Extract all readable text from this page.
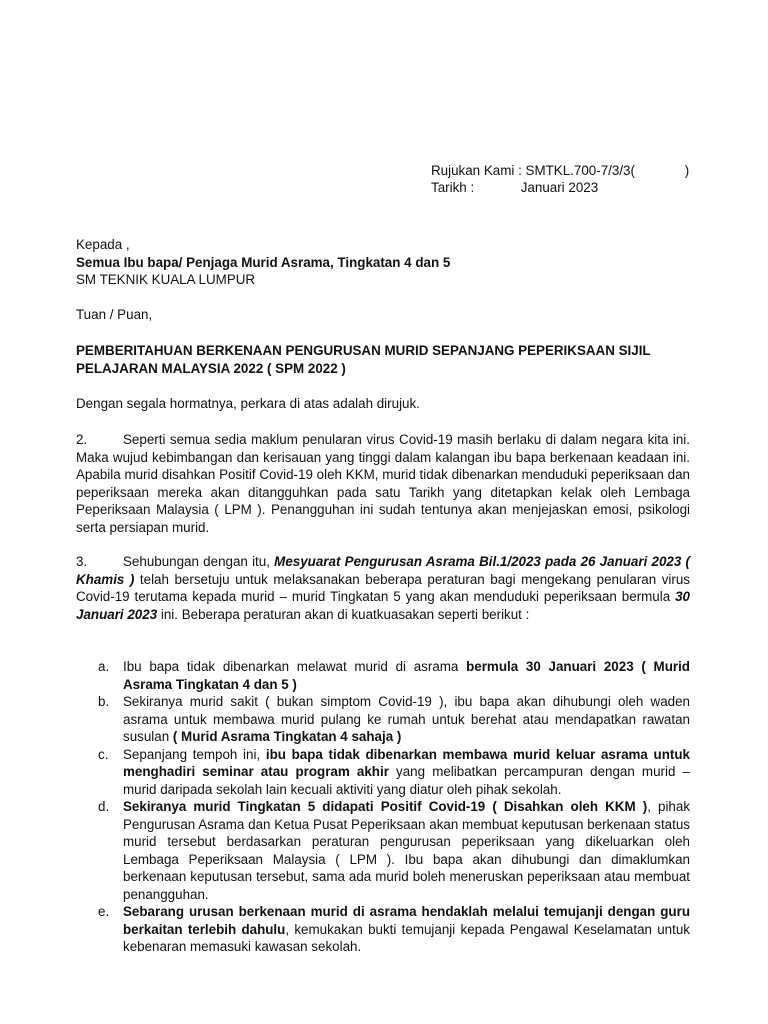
Rujukan Kami : SMTKL.700-7/3/3(	)
Tarikh :	Januari 2023
Kepada ,
Semua Ibu bapa/ Penjaga Murid Asrama, Tingkatan 4 dan 5
SM TEKNIK KUALA LUMPUR
Tuan / Puan,
PEMBERITAHUAN BERKENAAN PENGURUSAN MURID SEPANJANG PEPERIKSAAN SIJIL PELAJARAN MALAYSIA 2022 ( SPM 2022 )
Dengan segala hormatnya, perkara di atas adalah dirujuk.
2.	Seperti semua sedia maklum penularan virus Covid-19 masih berlaku di dalam negara kita ini. Maka wujud kebimbangan dan kerisauan yang tinggi dalam kalangan ibu bapa berkenaan keadaan ini. Apabila murid disahkan Positif Covid-19 oleh KKM, murid tidak dibenarkan menduduki peperiksaan dan peperiksaan mereka akan ditangguhkan pada satu Tarikh yang ditetapkan kelak oleh Lembaga Peperiksaan Malaysia ( LPM ). Penangguhan ini sudah tentunya akan menjejaskan emosi, psikologi serta persiapan murid.
3.	Sehubungan dengan itu, Mesyuarat Pengurusan Asrama Bil.1/2023 pada 26 Januari 2023 ( Khamis ) telah bersetuju untuk melaksanakan beberapa peraturan bagi mengekang penularan virus Covid-19 terutama kepada murid – murid Tingkatan 5 yang akan menduduki peperiksaan bermula 30 Januari 2023 ini. Beberapa peraturan akan di kuatkuasakan seperti berikut :
a. Ibu bapa tidak dibenarkan melawat murid di asrama bermula 30 Januari 2023 ( Murid Asrama Tingkatan 4 dan 5 )
b. Sekiranya murid sakit ( bukan simptom Covid-19 ), ibu bapa akan dihubungi oleh waden asrama untuk membawa murid pulang ke rumah untuk berehat atau mendapatkan rawatan susulan ( Murid Asrama Tingkatan 4 sahaja )
c. Sepanjang tempoh ini, ibu bapa tidak dibenarkan membawa murid keluar asrama untuk menghadiri seminar atau program akhir yang melibatkan percampuran dengan murid – murid daripada sekolah lain kecuali aktiviti yang diatur oleh pihak sekolah.
d. Sekiranya murid Tingkatan 5 didapati Positif Covid-19 ( Disahkan oleh KKM ), pihak Pengurusan Asrama dan Ketua Pusat Peperiksaan akan membuat keputusan berkenaan status murid tersebut berdasarkan peraturan pengurusan peperiksaan yang dikeluarkan oleh Lembaga Peperiksaan Malaysia ( LPM ). Ibu bapa akan dihubungi dan dimaklumkan berkenaan keputusan tersebut, sama ada murid boleh meneruskan peperiksaan atau membuat penangguhan.
e. Sebarang urusan berkenaan murid di asrama hendaklah melalui temujanji dengan guru berkaitan terlebih dahulu, kemukakan bukti temujanji kepada Pengawal Keselamatan untuk kebenaran memasuki kawasan sekolah.
